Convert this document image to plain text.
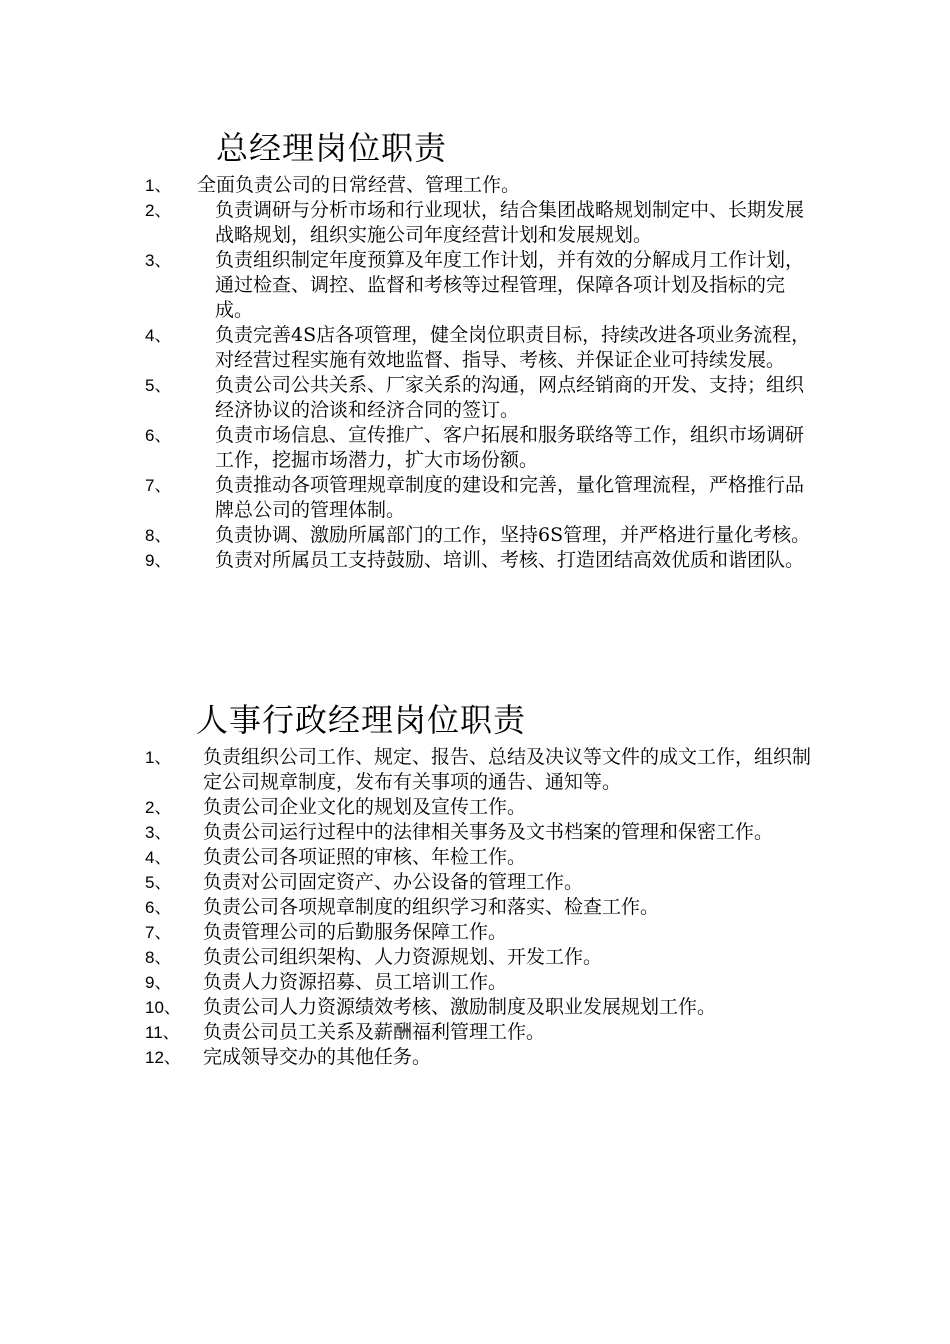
总经理岗位职责
1、	全面负责公司的日常经营、管理工作。
2、	负责调研与分析市场和行业现状，结合集团战略规划制定中、长期发展战略规划，组织实施公司年度经营计划和发展规划。
3、	负责组织制定年度预算及年度工作计划，并有效的分解成月工作计划，通过检查、调控、监督和考核等过程管理，保障各项计划及指标的完成。
4、	负责完善4S店各项管理，健全岗位职责目标，持续改进各项业务流程，对经营过程实施有效地监督、指导、考核、并保证企业可持续发展。
5、	负责公司公共关系、厂家关系的沟通，网点经销商的开发、支持；组织经济协议的洽谈和经济合同的签订。
6、	负责市场信息、宣传推广、客户拓展和服务联络等工作，组织市场调研工作，挖掘市场潜力，扩大市场份额。
7、	负责推动各项管理规章制度的建设和完善，量化管理流程，严格推行品牌总公司的管理体制。
8、	负责协调、激励所属部门的工作，坚持6S管理，并严格进行量化考核。
9、	负责对所属员工支持鼓励、培训、考核、打造团结高效优质和谐团队。
人事行政经理岗位职责
1、	负责组织公司工作、规定、报告、总结及决议等文件的成文工作，组织制定公司规章制度，发布有关事项的通告、通知等。
2、	负责公司企业文化的规划及宣传工作。
3、	负责公司运行过程中的法律相关事务及文书档案的管理和保密工作。
4、	负责公司各项证照的审核、年检工作。
5、	负责对公司固定资产、办公设备的管理工作。
6、	负责公司各项规章制度的组织学习和落实、检查工作。
7、	负责管理公司的后勤服务保障工作。
8、	负责公司组织架构、人力资源规划、开发工作。
9、	负责人力资源招募、员工培训工作。
10、	负责公司人力资源绩效考核、激励制度及职业发展规划工作。
11、	负责公司员工关系及薪酬福利管理工作。
12、	完成领导交办的其他任务。
